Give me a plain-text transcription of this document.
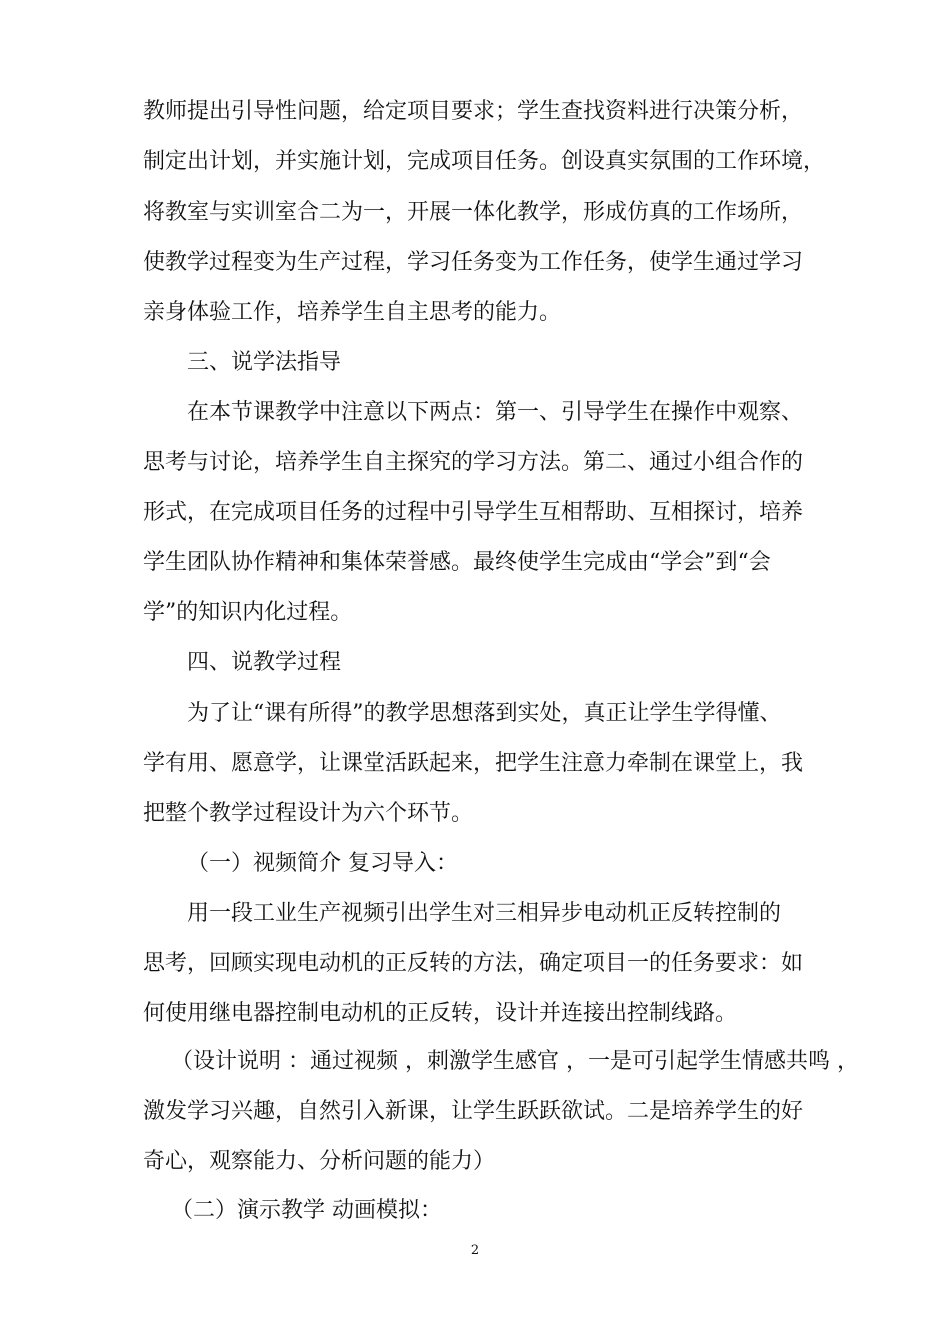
教师提出引导性问题，给定项目要求；学生查找资料进行决策分析，
制定出计划，并实施计划，完成项目任务。创设真实氛围的工作环境，
将教室与实训室合二为一，开展一体化教学，形成仿真的工作场所，
使教学过程变为生产过程，学习任务变为工作任务，使学生通过学习
亲身体验工作，培养学生自主思考的能力。
三、说学法指导
在本节课教学中注意以下两点：第一、引导学生在操作中观察、
思考与讨论，培养学生自主探究的学习方法。第二、通过小组合作的
形式，在完成项目任务的过程中引导学生互相帮助、互相探讨，培养
学生团队协作精神和集体荣誉感。最终使学生完成由“学会”到“会
学”的知识内化过程。
四、说教学过程
为了让“课有所得”的教学思想落到实处，真正让学生学得懂、
学有用、愿意学，让课堂活跃起来，把学生注意力牵制在课堂上，我
把整个教学过程设计为六个环节。
（一）视频简介 复习导入：
用一段工业生产视频引出学生对三相异步电动机正反转控制的
思考，回顾实现电动机的正反转的方法，确定项目一的任务要求：如
何使用继电器控制电动机的正反转，设计并连接出控制线路。
（设计说明 ：通过视频 ，刺激学生感官 ，一是可引起学生情感共鸣 ，
激发学习兴趣，自然引入新课，让学生跃跃欲试。二是培养学生的好
奇心，观察能力、分析问题的能力）
（二）演示教学 动画模拟：
2
